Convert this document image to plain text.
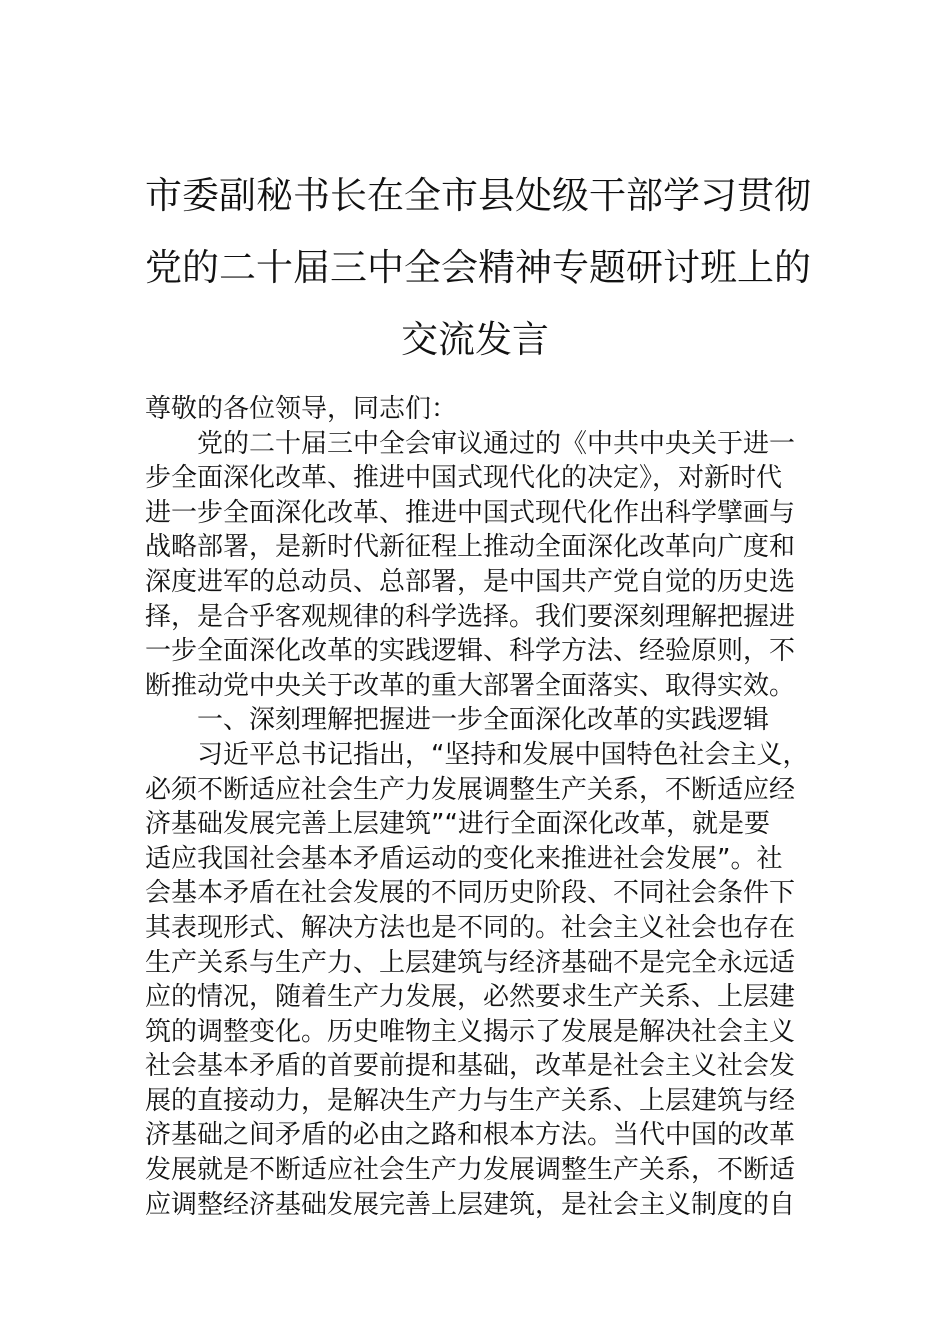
市委副秘书长在全市县处级干部学习贯彻
党的二十届三中全会精神专题研讨班上的
交流发言
尊敬的各位领导，同志们：
党的二十届三中全会审议通过的《中共中央关于进一
步全面深化改革、推进中国式现代化的决定》，对新时代
进一步全面深化改革、推进中国式现代化作出科学擘画与
战略部署，是新时代新征程上推动全面深化改革向广度和
深度进军的总动员、总部署，是中国共产党自觉的历史选
择，是合乎客观规律的科学选择。我们要深刻理解把握进
一步全面深化改革的实践逻辑、科学方法、经验原则，不
断推动党中央关于改革的重大部署全面落实、取得实效。
一、深刻理解把握进一步全面深化改革的实践逻辑
习近平总书记指出，“坚持和发展中国特色社会主义，
必须不断适应社会生产力发展调整生产关系，不断适应经
济基础发展完善上层建筑”“进行全面深化改革，就是要
适应我国社会基本矛盾运动的变化来推进社会发展”。社
会基本矛盾在社会发展的不同历史阶段、不同社会条件下
其表现形式、解决方法也是不同的。社会主义社会也存在
生产关系与生产力、上层建筑与经济基础不是完全永远适
应的情况，随着生产力发展，必然要求生产关系、上层建
筑的调整变化。历史唯物主义揭示了发展是解决社会主义
社会基本矛盾的首要前提和基础，改革是社会主义社会发
展的直接动力，是解决生产力与生产关系、上层建筑与经
济基础之间矛盾的必由之路和根本方法。当代中国的改革
发展就是不断适应社会生产力发展调整生产关系，不断适
应调整经济基础发展完善上层建筑，是社会主义制度的自
